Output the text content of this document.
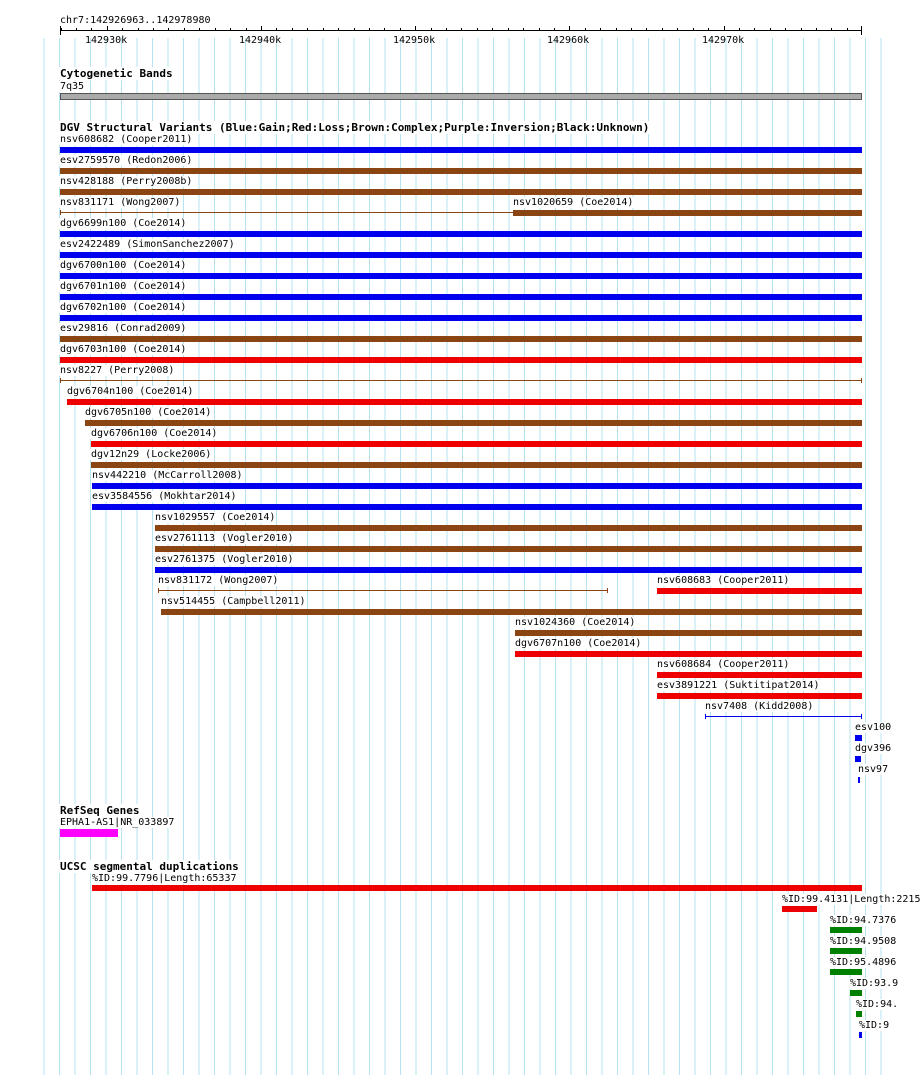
chr7:142926963..142978980
142930k	142940k	142950k	142960k	142970k
Cytogenetic Bands
7q35
DGV Structural Variants (Blue:Gain;Red:Loss;Brown:Complex;Purple:Inversion;Black:Unknown)
nsv608682 (Cooper2011)
esv2759570 (Redon2006)
nsv428188 (Perry2008b)
nsv831171 (Wong2007)	nsv1020659 (Coe2014)
dgv6699n100 (Coe2014)
esv2422489 (SimonSanchez2007)
dgv6700n100 (Coe2014)
dgv6701n100 (Coe2014)
dgv6702n100 (Coe2014)
esv29816 (Conrad2009)
dgv6703n100 (Coe2014)
nsv8227 (Perry2008)
dgv6704n100 (Coe2014)
dgv6705n100 (Coe2014)
dgv6706n100 (Coe2014)
dgv12n29 (Locke2006)
nsv442210 (McCarroll2008)
esv3584556 (Mokhtar2014)
nsv1029557 (Coe2014)
esv2761113 (Vogler2010)
esv2761375 (Vogler2010)
nsv831172 (Wong2007)	nsv608683 (Cooper2011)
nsv514455 (Campbell2011)
nsv1024360 (Coe2014)
dgv6707n100 (Coe2014)
nsv608684 (Cooper2011)
esv3891221 (Suktitipat2014)
nsv7408 (Kidd2008)
esv100
dgv396
nsv97
RefSeq Genes
EPHA1-AS1|NR_033897
UCSC segmental duplications
%ID:99.7796|Length:65337
%ID:99.4131|Length:2215
%ID:94.7376
%ID:94.9508
%ID:95.4896
%ID:93.9
%ID:94.
%ID:9
